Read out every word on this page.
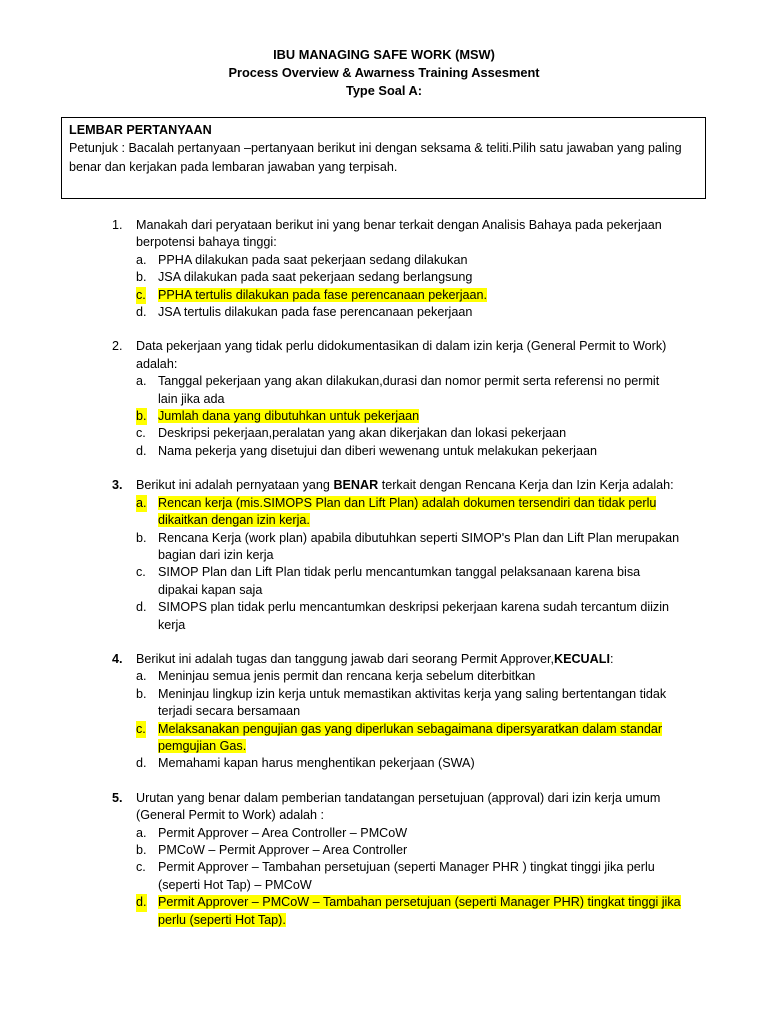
IBU MANAGING SAFE WORK (MSW)
Process Overview & Awarness Training Assesment
Type Soal A:
LEMBAR PERTANYAAN
Petunjuk : Bacalah pertanyaan –pertanyaan berikut ini dengan seksama & teliti.Pilih satu jawaban yang paling benar dan kerjakan pada lembaran jawaban yang terpisah.
1. Manakah dari peryataan berikut ini yang benar terkait dengan Analisis Bahaya pada pekerjaan berpotensi bahaya tinggi:
a. PPHA dilakukan pada saat pekerjaan sedang dilakukan
b. JSA dilakukan pada saat pekerjaan sedang berlangsung
c. PPHA tertulis dilakukan pada fase perencanaan pekerjaan.
d. JSA tertulis dilakukan pada fase perencanaan pekerjaan
2. Data pekerjaan yang tidak perlu didokumentasikan di dalam izin kerja (General Permit to Work) adalah:
a. Tanggal pekerjaan yang akan dilakukan,durasi dan nomor permit serta referensi no permit lain jika ada
b. Jumlah dana yang dibutuhkan untuk pekerjaan
c. Deskripsi pekerjaan,peralatan yang akan dikerjakan dan lokasi pekerjaan
d. Nama pekerja yang disetujui dan diberi wewenang untuk melakukan pekerjaan
3. Berikut ini adalah pernyataan yang BENAR terkait dengan Rencana Kerja dan Izin Kerja adalah:
a. Rencan kerja (mis.SIMOPS Plan dan Lift Plan) adalah dokumen tersendiri dan tidak perlu dikaitkan dengan izin kerja.
b. Rencana Kerja (work plan) apabila dibutuhkan seperti SIMOP's Plan dan Lift Plan merupakan bagian dari izin kerja
c. SIMOP Plan dan Lift Plan tidak perlu mencantumkan tanggal pelaksanaan karena bisa dipakai kapan saja
d. SIMOPS plan tidak perlu mencantumkan deskripsi pekerjaan karena sudah tercantum diizin kerja
4. Berikut ini adalah tugas dan tanggung jawab dari seorang Permit Approver,KECUALI:
a. Meninjau semua jenis permit dan rencana kerja sebelum diterbitkan
b. Meninjau lingkup izin kerja untuk memastikan aktivitas kerja yang saling bertentangan tidak terjadi secara bersamaan
c. Melaksanakan pengujian gas yang diperlukan sebagaimana dipersyaratkan dalam standar pemgujian Gas.
d. Memahami kapan harus menghentikan pekerjaan (SWA)
5. Urutan yang benar dalam pemberian tandatangan persetujuan (approval) dari izin kerja umum (General Permit to Work) adalah :
a. Permit Approver – Area Controller – PMCoW
b. PMCoW – Permit Approver – Area Controller
c. Permit Approver – Tambahan persetujuan (seperti Manager PHR ) tingkat tinggi jika perlu (seperti Hot Tap) – PMCoW
d. Permit Approver – PMCoW – Tambahan persetujuan (seperti Manager PHR) tingkat tinggi jika perlu (seperti Hot Tap).
